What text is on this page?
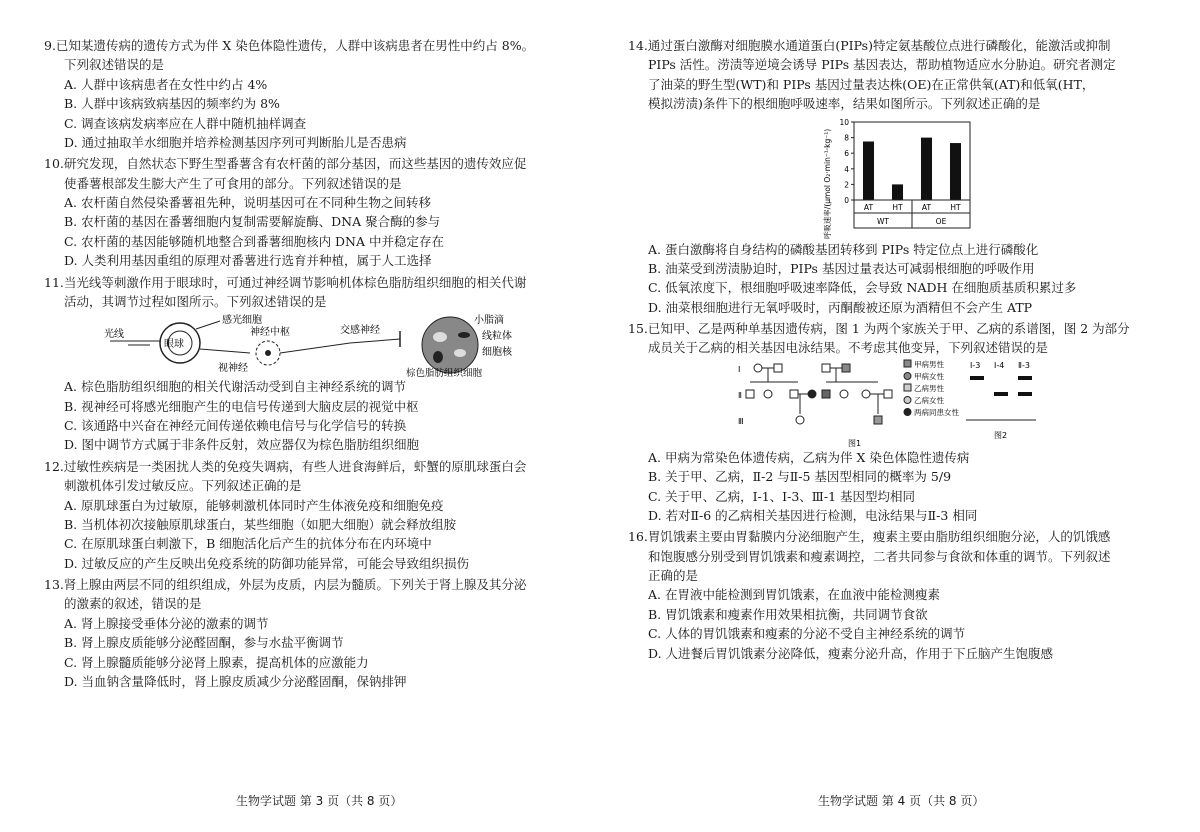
9.已知某遗传病的遗传方式为伴 X 染色体隐性遗传，人群中该病患者在男性中约占 8%。

下列叙述错误的是

A. 人群中该病患者在女性中约占 4%

B. 人群中该病致病基因的频率约为 8%

C. 调查该病发病率应在人群中随机抽样调查

D. 通过抽取羊水细胞并培养检测基因序列可判断胎儿是否患病

10.研究发现，自然状态下野生型番薯含有农杆菌的部分基因，而这些基因的遗传效应促

使番薯根部发生膨大产生了可食用的部分。下列叙述错误的是

A. 农杆菌自然侵染番薯祖先种，说明基因可在不同种生物之间转移

B. 农杆菌的基因在番薯细胞内复制需要解旋酶、DNA 聚合酶的参与

C. 农杆菌的基因能够随机地整合到番薯细胞核内 DNA 中并稳定存在

D. 人类利用基因重组的原理对番薯进行选育并种植，属于人工选择

11.当光线等刺激作用于眼球时，可通过神经调节影响机体棕色脂肪组织细胞的相关代谢

活动，其调节过程如图所示。下列叙述错误的是

光线
眼球
感光细胞
视神经
神经中枢	交感神经
小脂滴
线粒体
细胞核
棕色脂肪组织细胞

A. 棕色脂肪组织细胞的相关代谢活动受到自主神经系统的调节

B. 视神经可将感光细胞产生的电信号传递到大脑皮层的视觉中枢

C. 该通路中兴奋在神经元间传递依赖电信号与化学信号的转换

D. 图中调节方式属于非条件反射，效应器仅为棕色脂肪组织细胞

12.过敏性疾病是一类困扰人类的免疫失调病，有些人进食海鲜后，虾蟹的原肌球蛋白会

刺激机体引发过敏反应。下列叙述正确的是

A. 原肌球蛋白为过敏原，能够刺激机体同时产生体液免疫和细胞免疫

B. 当机体初次接触原肌球蛋白，某些细胞（如肥大细胞）就会释放组胺

C. 在原肌球蛋白刺激下，B 细胞活化后产生的抗体分布在内环境中

D. 过敏反应的产生反映出免疫系统的防御功能异常，可能会导致组织损伤

13.肾上腺由两层不同的组织组成，外层为皮质，内层为髓质。下列关于肾上腺及其分泌

的激素的叙述，错误的是

A. 肾上腺接受垂体分泌的激素的调节

B. 肾上腺皮质能够分泌醛固酮，参与水盐平衡调节

C. 肾上腺髓质能够分泌肾上腺素，提高机体的应激能力

D. 当血钠含量降低时，肾上腺皮质减少分泌醛固酮，保钠排钾

生物学试题 第 3 页（共 8 页）

14.通过蛋白激酶对细胞膜水通道蛋白(PIPs)特定氨基酸位点进行磷酸化，能激活或抑制

PIPs 活性。涝渍等逆境会诱导 PIPs 基因表达，帮助植物适应水分胁迫。研究者测定

了油菜的野生型(WT)和 PIPs 基因过量表达株(OE)在正常供氧(AT)和低氧(HT，

模拟涝渍)条件下的根细胞呼吸速率，结果如图所示。下列叙述正确的是

呼吸速率/(μmol O₂·min⁻¹·kg⁻¹) 0
2
4
6
8
10
AT	HT	AT	HT
WT	OE

A. 蛋白激酶将自身结构的磷酸基团转移到 PIPs 特定位点上进行磷酸化

B. 油菜受到涝渍胁迫时，PIPs 基因过量表达可减弱根细胞的呼吸作用

C. 低氧浓度下，根细胞呼吸速率降低，会导致 NADH 在细胞质基质积累过多

D. 油菜根细胞进行无氧呼吸时，丙酮酸被还原为酒精但不会产生 ATP

15.已知甲、乙是两种单基因遗传病，图 1 为两个家族关于甲、乙病的系谱图，图 2 为部分

成员关于乙病的相关基因电泳结果。不考虑其他变异，下列叙述错误的是

Ⅰ
Ⅱ
Ⅲ
图1
甲病男性
甲病女性
乙病男性
乙病女性
两病同患女性
Ⅰ-3 Ⅰ-4 Ⅱ-3
图2

A. 甲病为常染色体遗传病，乙病为伴 X 染色体隐性遗传病

B. 关于甲、乙病，Ⅱ-2 与Ⅱ-5 基因型相同的概率为 5/9

C. 关于甲、乙病，Ⅰ-1、Ⅰ-3、Ⅲ-1 基因型均相同

D. 若对Ⅱ-6 的乙病相关基因进行检测，电泳结果与Ⅱ-3 相同

16.胃饥饿素主要由胃黏膜内分泌细胞产生，瘦素主要由脂肪组织细胞分泌，人的饥饿感

和饱腹感分别受到胃饥饿素和瘦素调控，二者共同参与食欲和体重的调节。下列叙述

正确的是

A. 在胃液中能检测到胃饥饿素，在血液中能检测瘦素

B. 胃饥饿素和瘦素作用效果相抗衡，共同调节食欲

C. 人体的胃饥饿素和瘦素的分泌不受自主神经系统的调节

D. 人进餐后胃饥饿素分泌降低，瘦素分泌升高，作用于下丘脑产生饱腹感

生物学试题 第 4 页（共 8 页）
